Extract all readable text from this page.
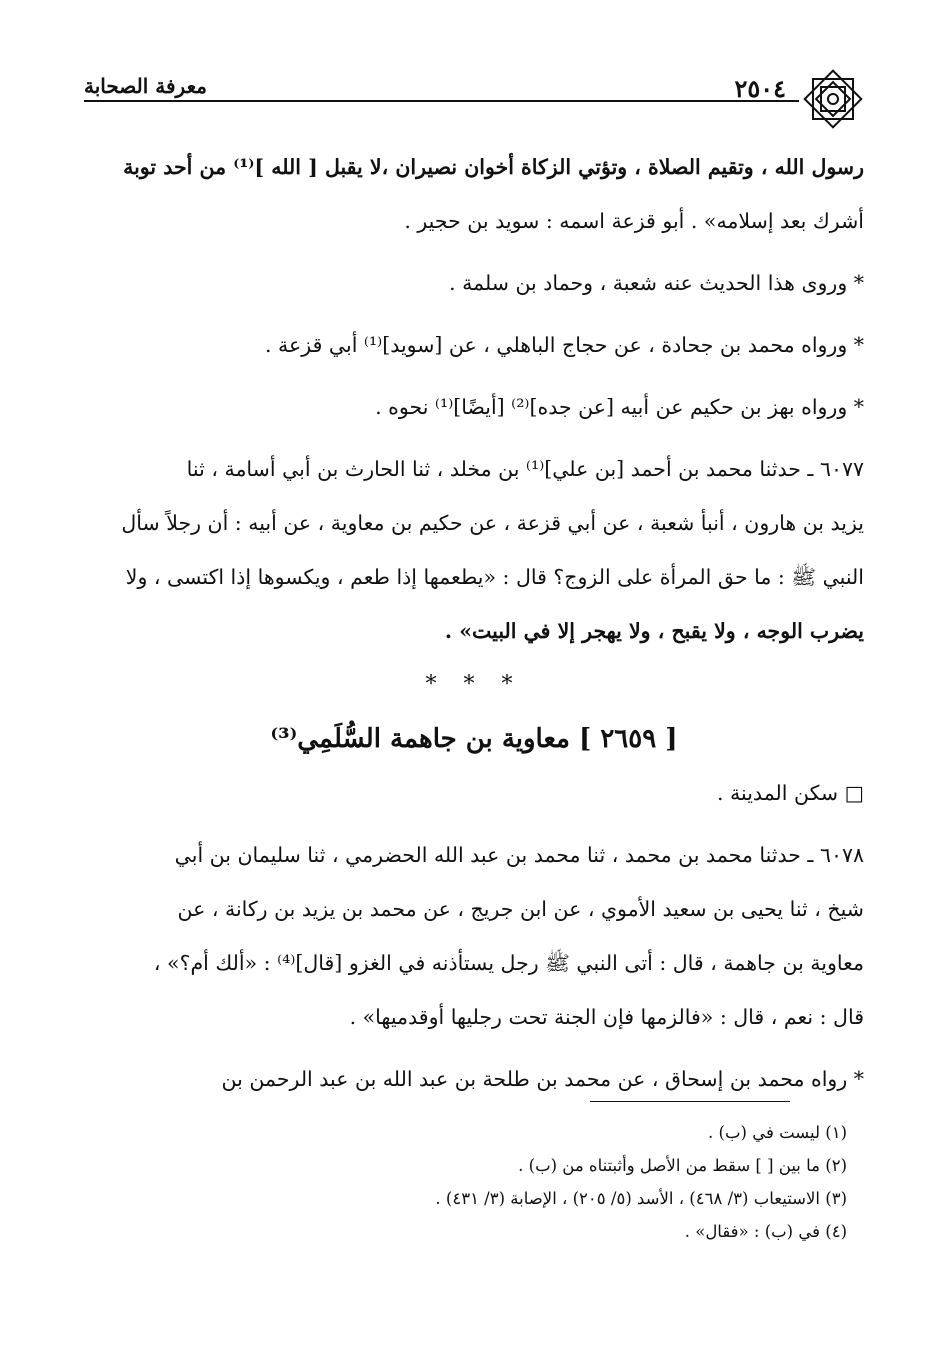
٢٥٠٤
معرفة الصحابة

رسول الله ، وتقيم الصلاة ، وتؤتي الزكاة أخوان نصيران ،لا يقبل [ الله ]⁽¹⁾ من أحد توبة

أشرك بعد إسلامه» . أبو قزعة اسمه : سويد بن حجير .

* وروى هذا الحديث عنه شعبة ، وحماد بن سلمة .

* ورواه محمد بن جحادة ، عن حجاج الباهلي ، عن [سويد]⁽¹⁾ أبي قزعة .

* ورواه بهز بن حكيم عن أبيه [عن جده]⁽²⁾ [أيضًا]⁽¹⁾ نحوه .

٦٠٧٧ ـ حدثنا محمد بن أحمد [بن علي]⁽¹⁾ بن مخلد ، ثنا الحارث بن أبي أسامة ، ثنا

يزيد بن هارون ، أنبأ شعبة ، عن أبي قزعة ، عن حكيم بن معاوية ، عن أبيه : أن رجلاً سأل

النبي ﷺ : ما حق المرأة على الزوج؟ قال : «يطعمها إذا طعم ، ويكسوها إذا اكتسى ، ولا

يضرب الوجه ، ولا يقبح ، ولا يهجر إلا في البيت» .

* * *

[ ٢٦٥٩ ] معاوية بن جاهمة السُّلَمِي⁽³⁾

□ سكن المدينة .

٦٠٧٨ ـ حدثنا محمد بن محمد ، ثنا محمد بن عبد الله الحضرمي ، ثنا سليمان بن أبي

شيخ ، ثنا يحيى بن سعيد الأموي ، عن ابن جريج ، عن محمد بن يزيد بن ركانة ، عن

معاوية بن جاهمة ، قال : أتى النبي ﷺ رجل يستأذنه في الغزو [قال]⁽⁴⁾ : «ألك أم؟» ،

قال : نعم ، قال : «فالزمها فإن الجنة تحت رجليها أوقدميها» .

* رواه محمد بن إسحاق ، عن محمد بن طلحة بن عبد الله بن عبد الرحمن بن

(١) ليست في (ب) .

(٢) ما بين [ ] سقط من الأصل وأثبتناه من (ب) .

(٣) الاستيعاب (٣/ ٤٦٨) ، الأسد (٥/ ٢٠٥) ، الإصابة (٣/ ٤٣١) .

(٤) في (ب) : «فقال» .
